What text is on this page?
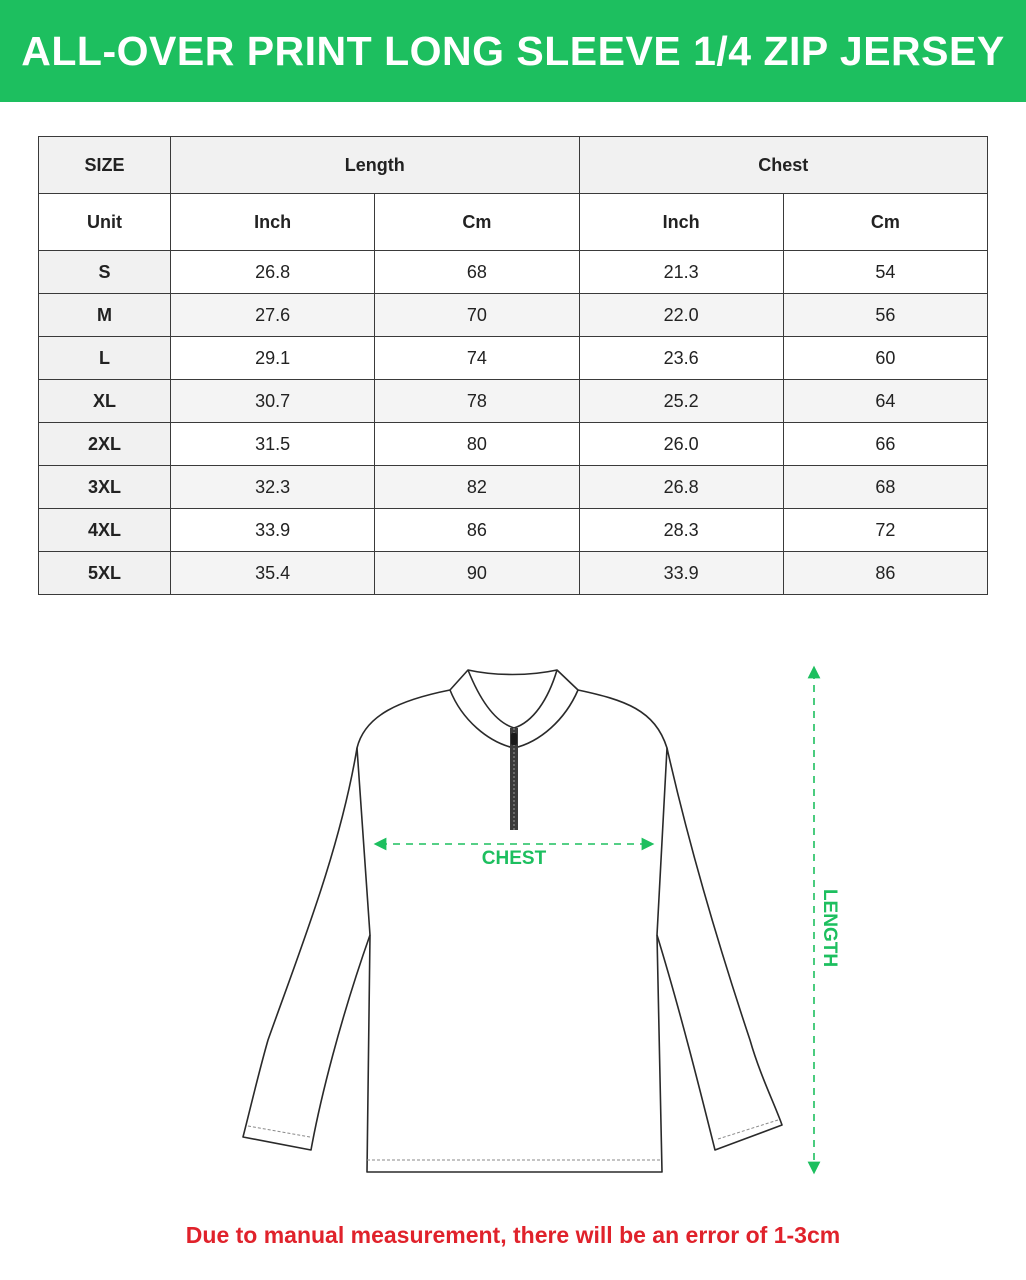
ALL-OVER PRINT LONG SLEEVE 1/4 ZIP JERSEY
SIZE	Length		Chest	
Unit	Inch	Cm	Inch	Cm
S	26.8	68	21.3	54
M	27.6	70	22.0	56
L	29.1	74	23.6	60
XL	30.7	78	25.2	64
2XL	31.5	80	26.0	66
3XL	32.3	82	26.8	68
4XL	33.9	86	28.3	72
5XL	35.4	90	33.9	86
CHEST
LENGTH
Due to manual measurement, there will be an error of 1-3cm
